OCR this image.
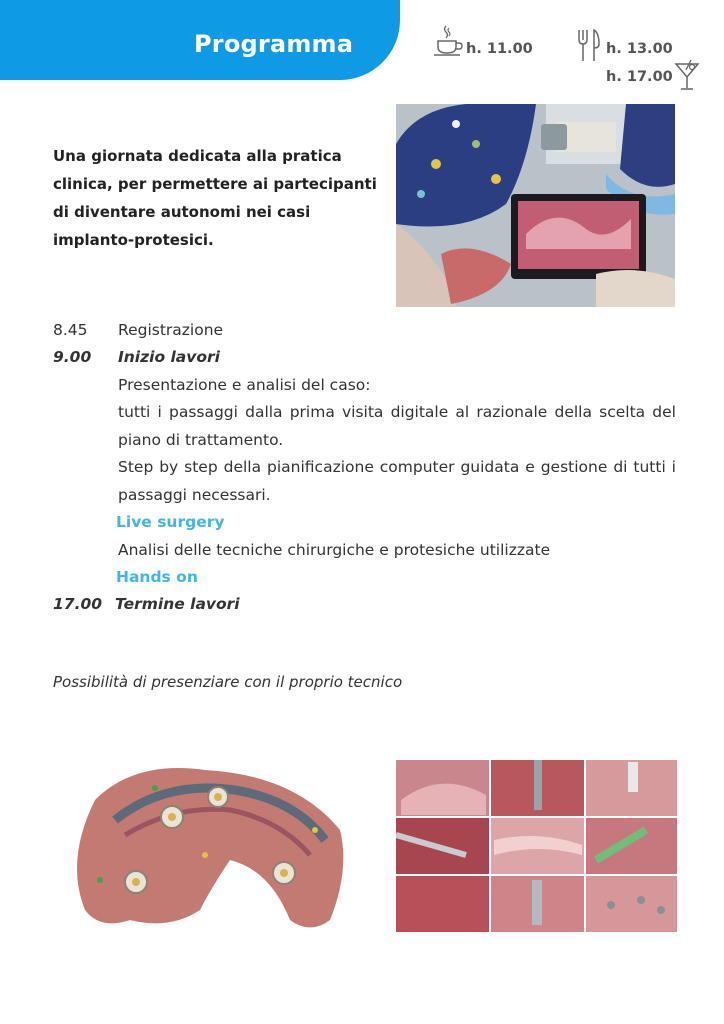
Programma	h. 11.00	h. 13.00
h. 17.00
Una giornata dedicata alla pratica clinica, per permettere ai partecipanti di diventare autonomi nei casi implanto-protesici.
8.45 Registrazione
9.00 Inizio lavori
Presentazione e analisi del caso:
tutti i passaggi dalla prima visita digitale al razionale della scelta del piano di trattamento.
Step by step della pianificazione computer guidata e gestione di tutti i passaggi necessari.
Live surgery
Analisi delle tecniche chirurgiche e protesiche utilizzate
Hands on
17.00 Termine lavori
Possibilità di presenziare con il proprio tecnico
